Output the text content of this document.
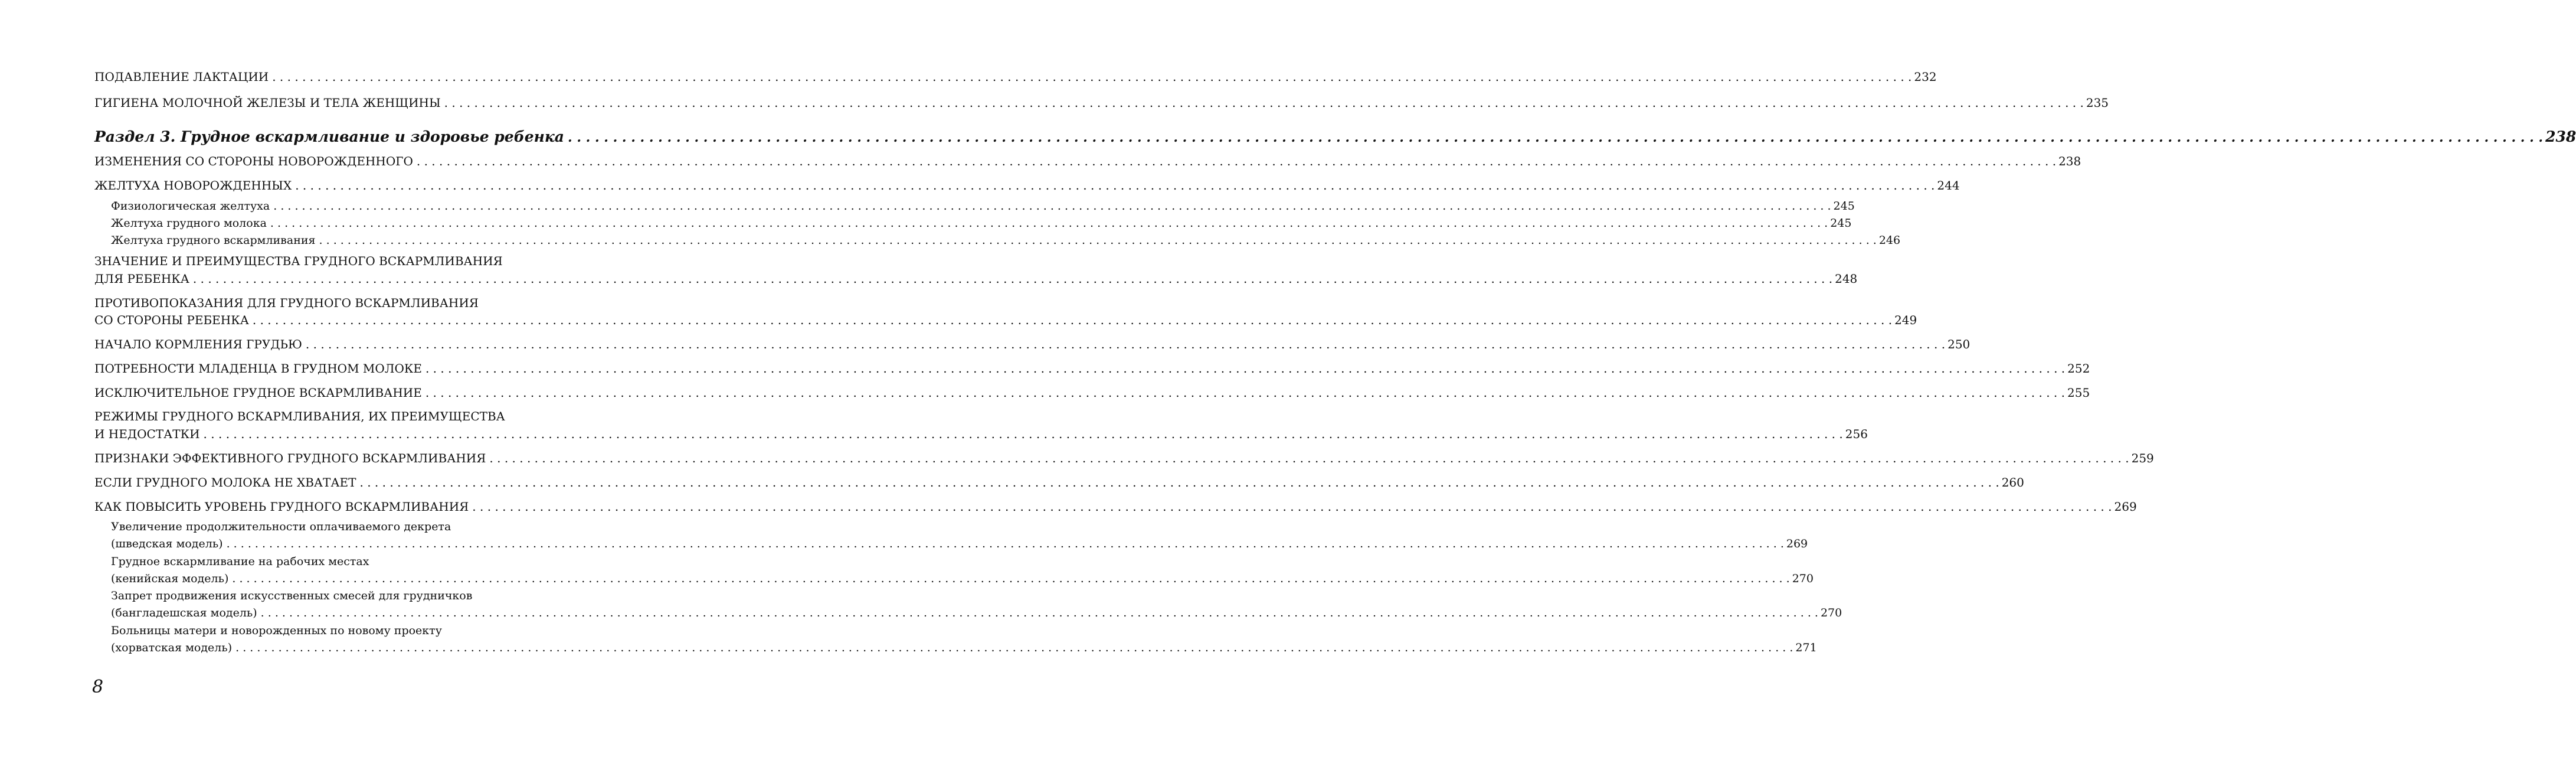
ПОДАВЛЕНИЕ ЛАКТАЦИИ . . .	232
ГИГИЕНА МОЛОЧНОЙ ЖЕЛЕЗЫ И ТЕЛА ЖЕНЩИНЫ . . .	235
Раздел 3. Грудное вскармливание и здоровье ребенка . . .	238
ИЗМЕНЕНИЯ СО СТОРОНЫ НОВОРОЖДЕННОГО . . .	238
ЖЕЛТУХА НОВОРОЖДЕННЫХ . . .	244
Физиологическая желтуха . . .	245
Желтуха грудного молока . . .	245
Желтуха грудного вскармливания . . .	246
ЗНАЧЕНИЕ И ПРЕИМУЩЕСТВА ГРУДНОГО ВСКАРМЛИВАНИЯ
ДЛЯ РЕБЕНКА . . .	248
ПРОТИВОПОКАЗАНИЯ ДЛЯ ГРУДНОГО ВСКАРМЛИВАНИЯ
СО СТОРОНЫ РЕБЕНКА . . .	249
НАЧАЛО КОРМЛЕНИЯ ГРУДЬЮ . . .	250
ПОТРЕБНОСТИ МЛАДЕНЦА В ГРУДНОМ МОЛОКЕ . . .	252
ИСКЛЮЧИТЕЛЬНОЕ ГРУДНОЕ ВСКАРМЛИВАНИЕ . . .	255
РЕЖИМЫ ГРУДНОГО ВСКАРМЛИВАНИЯ, ИХ ПРЕИМУЩЕСТВА
И НЕДОСТАТКИ . . .	256
ПРИЗНАКИ ЭФФЕКТИВНОГО ГРУДНОГО ВСКАРМЛИВАНИЯ . . .	259
ЕСЛИ ГРУДНОГО МОЛОКА НЕ ХВАТАЕТ . . .	260
КАК ПОВЫСИТЬ УРОВЕНЬ ГРУДНОГО ВСКАРМЛИВАНИЯ . . .	269
Увеличение продолжительности оплачиваемого декрета
(шведская модель) . . .	269
Грудное вскармливание на рабочих местах
(кенийская модель) . . .	270
Запрет продвижения искусственных смесей для грудничков
(бангладешская модель) . . .	270
Больницы матери и новорожденных по новому проекту
(хорватская модель) . . .	271
8
